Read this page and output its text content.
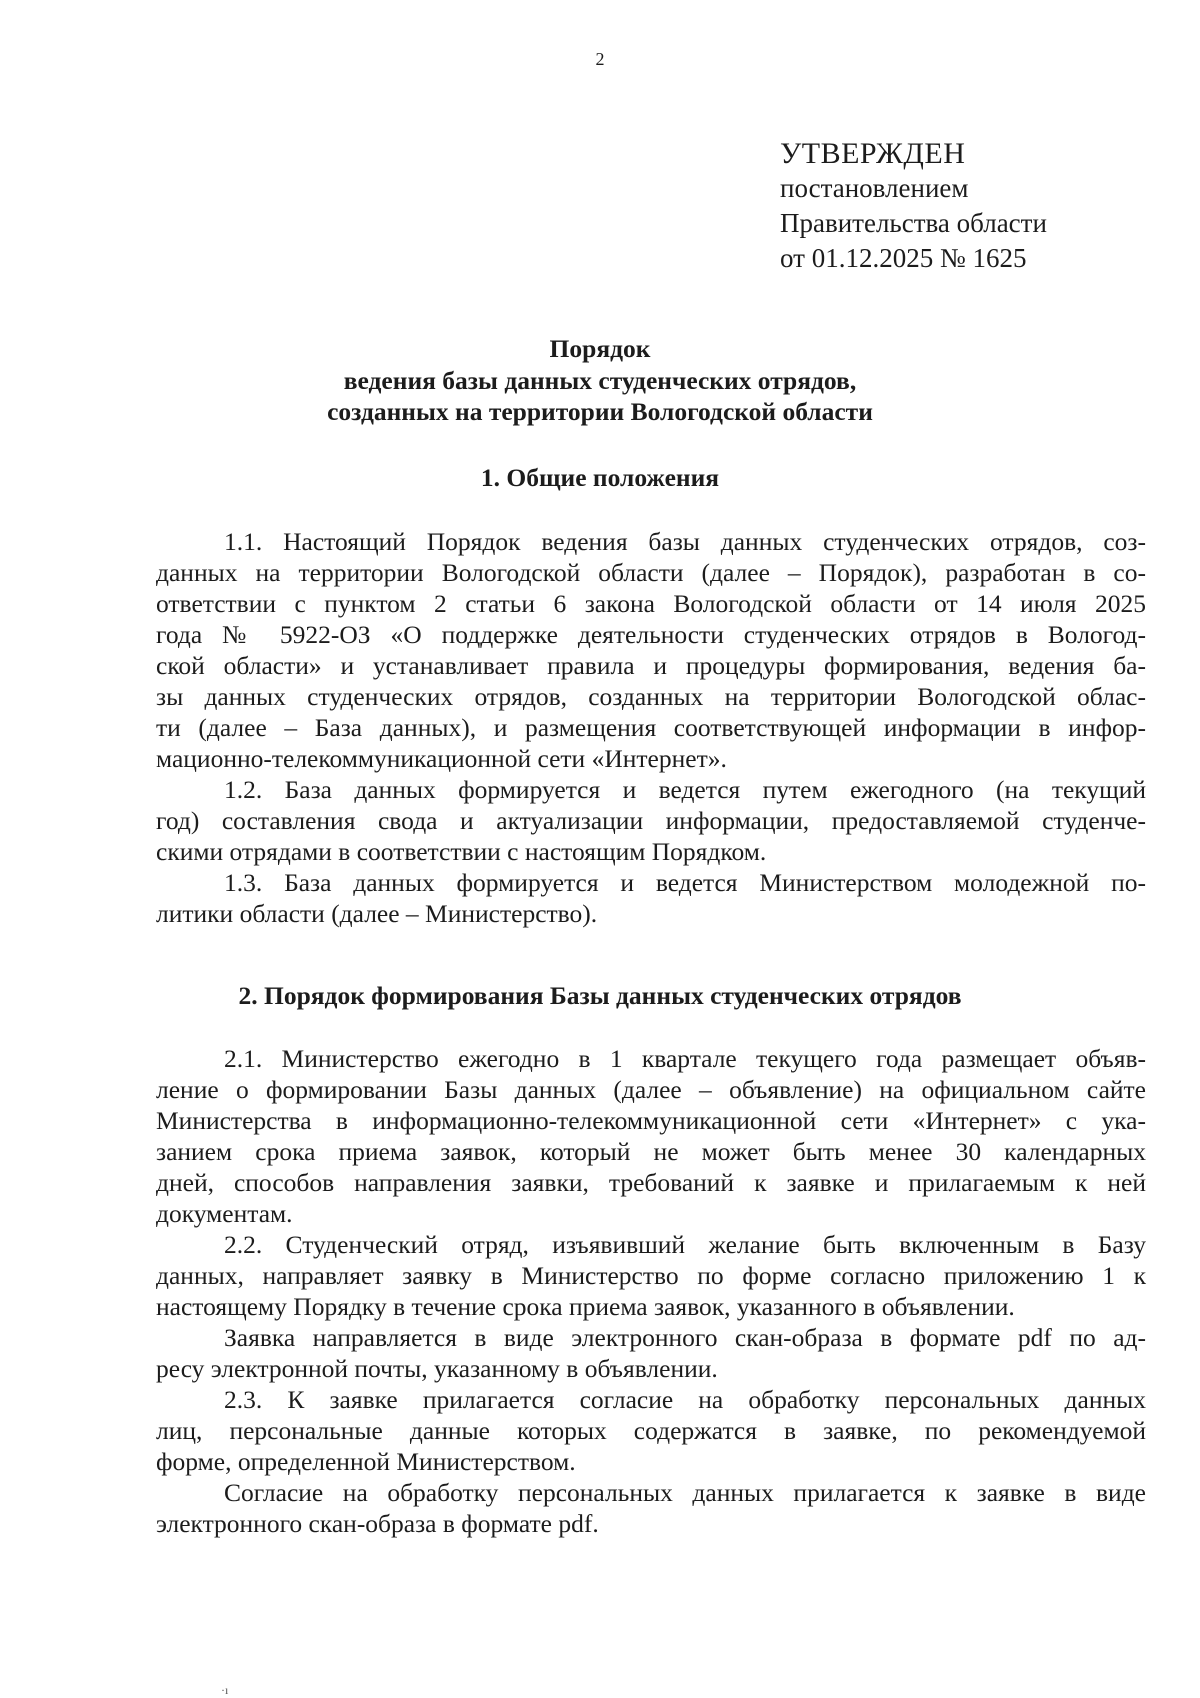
2
УТВЕРЖДЕН
постановлением
Правительства области
от 01.12.2025 № 1625
Порядок
ведения базы данных студенческих отрядов,
созданных на территории Вологодской области
1. Общие положения
1.1. Настоящий Порядок ведения базы данных студенческих отрядов, соз-
данных на территории Вологодской области (далее – Порядок), разработан в со-
ответствии с пунктом 2 статьи 6 закона Вологодской области от 14 июля 2025
года № 5922-ОЗ «О поддержке деятельности студенческих отрядов в Вологод-
ской области» и устанавливает правила и процедуры формирования, ведения ба-
зы данных студенческих отрядов, созданных на территории Вологодской облас-
ти (далее – База данных), и размещения соответствующей информации в инфор-
мационно-телекоммуникационной сети «Интернет».
1.2. База данных формируется и ведется путем ежегодного (на текущий
год) составления свода и актуализации информации, предоставляемой студенче-
скими отрядами в соответствии с настоящим Порядком.
1.3. База данных формируется и ведется Министерством молодежной по-
литики области (далее – Министерство).
2. Порядок формирования Базы данных студенческих отрядов
2.1. Министерство ежегодно в 1 квартале текущего года размещает объяв-
ление о формировании Базы данных (далее – объявление) на официальном сайте
Министерства в информационно-телекоммуникационной сети «Интернет» с ука-
занием срока приема заявок, который не может быть менее 30 календарных
дней, способов направления заявки, требований к заявке и прилагаемым к ней
документам.
2.2. Студенческий отряд, изъявивший желание быть включенным в Базу
данных, направляет заявку в Министерство по форме согласно приложению 1 к
настоящему Порядку в течение срока приема заявок, указанного в объявлении.
Заявка направляется в виде электронного скан-образа в формате pdf по ад-
ресу электронной почты, указанному в объявлении.
2.3. К заявке прилагается согласие на обработку персональных данных
лиц, персональные данные которых содержатся в заявке, по рекомендуемой
форме, определенной Министерством.
Согласие на обработку персональных данных прилагается к заявке в виде
электронного скан-образа в формате pdf.
·ı
